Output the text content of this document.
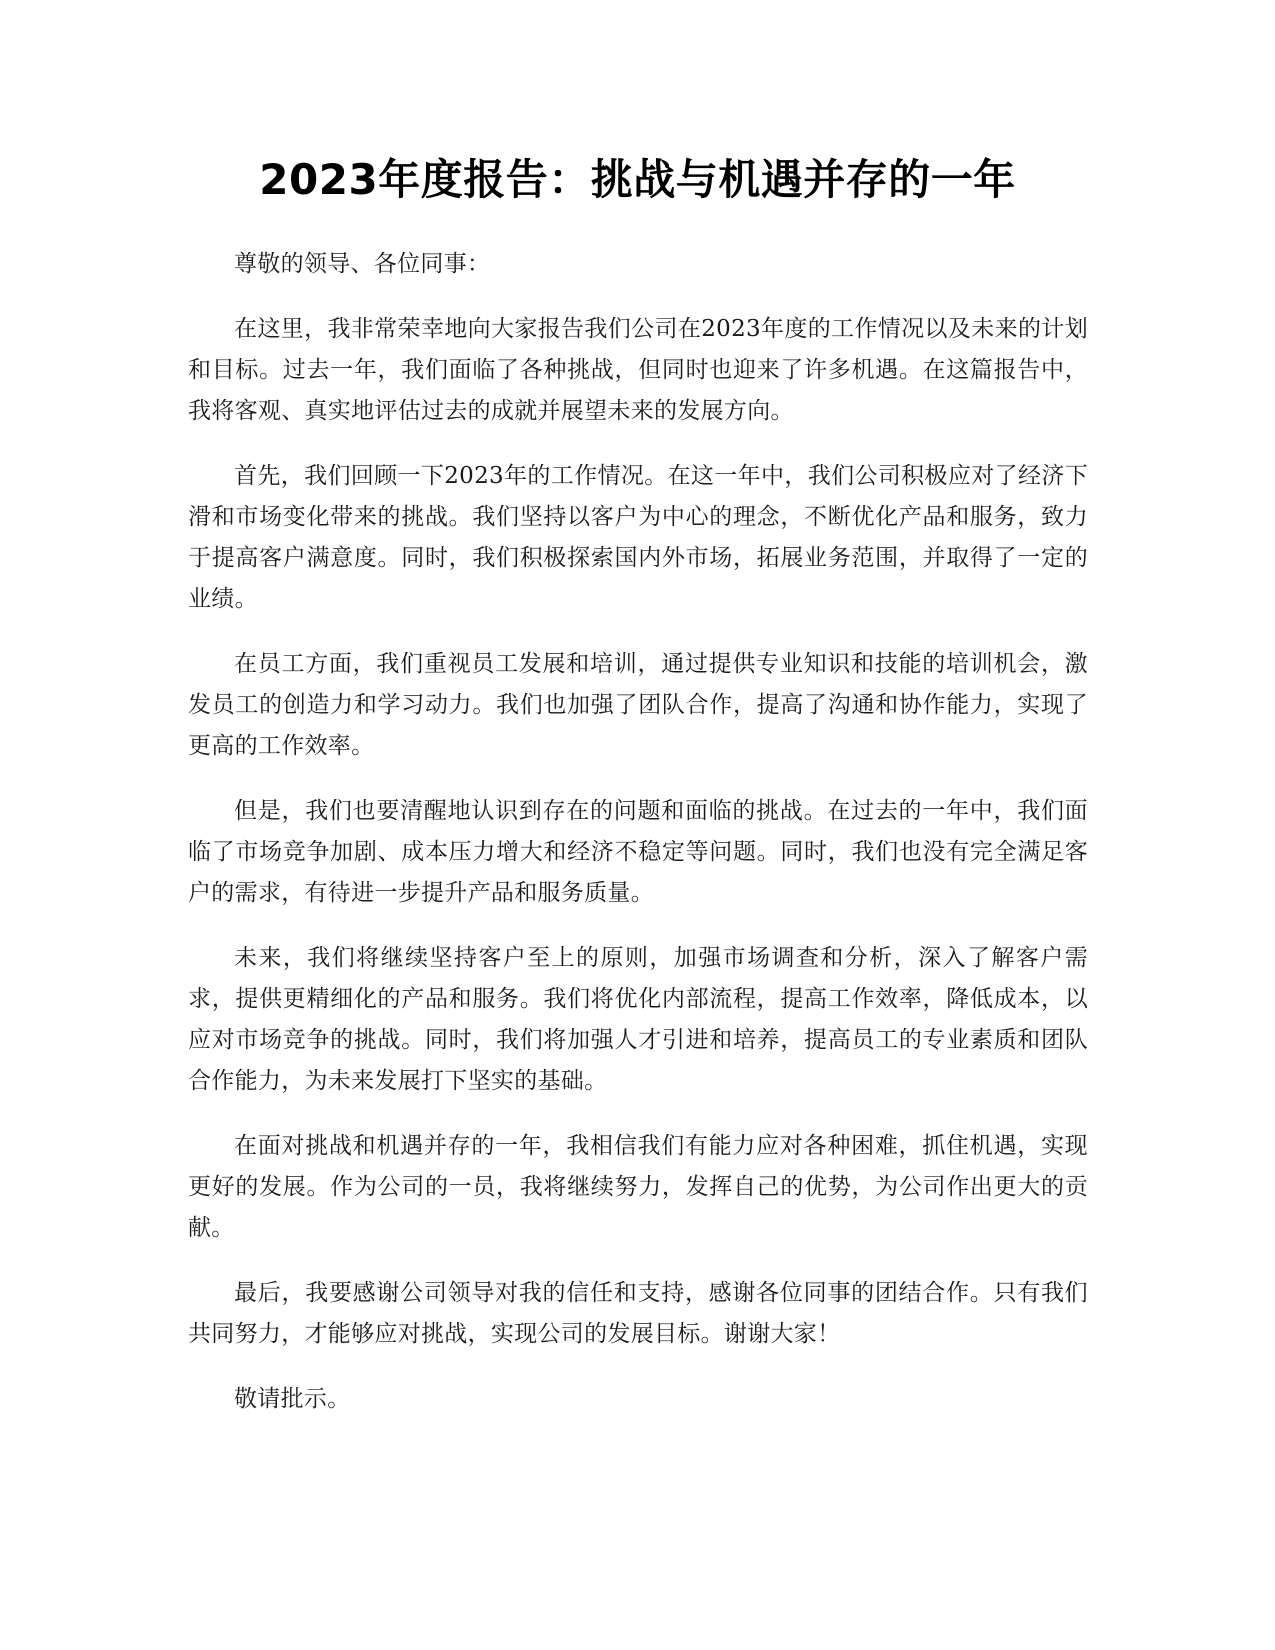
2023年度报告：挑战与机遇并存的一年

尊敬的领导、各位同事：

在这里，我非常荣幸地向大家报告我们公司在2023年度的工作情况以及未来的计划和目标。过去一年，我们面临了各种挑战，但同时也迎来了许多机遇。在这篇报告中，我将客观、真实地评估过去的成就并展望未来的发展方向。

首先，我们回顾一下2023年的工作情况。在这一年中，我们公司积极应对了经济下滑和市场变化带来的挑战。我们坚持以客户为中心的理念，不断优化产品和服务，致力于提高客户满意度。同时，我们积极探索国内外市场，拓展业务范围，并取得了一定的业绩。

在员工方面，我们重视员工发展和培训，通过提供专业知识和技能的培训机会，激发员工的创造力和学习动力。我们也加强了团队合作，提高了沟通和协作能力，实现了更高的工作效率。

但是，我们也要清醒地认识到存在的问题和面临的挑战。在过去的一年中，我们面临了市场竞争加剧、成本压力增大和经济不稳定等问题。同时，我们也没有完全满足客户的需求，有待进一步提升产品和服务质量。

未来，我们将继续坚持客户至上的原则，加强市场调查和分析，深入了解客户需求，提供更精细化的产品和服务。我们将优化内部流程，提高工作效率，降低成本，以应对市场竞争的挑战。同时，我们将加强人才引进和培养，提高员工的专业素质和团队合作能力，为未来发展打下坚实的基础。

在面对挑战和机遇并存的一年，我相信我们有能力应对各种困难，抓住机遇，实现更好的发展。作为公司的一员，我将继续努力，发挥自己的优势，为公司作出更大的贡献。

最后，我要感谢公司领导对我的信任和支持，感谢各位同事的团结合作。只有我们共同努力，才能够应对挑战，实现公司的发展目标。谢谢大家！

敬请批示。
